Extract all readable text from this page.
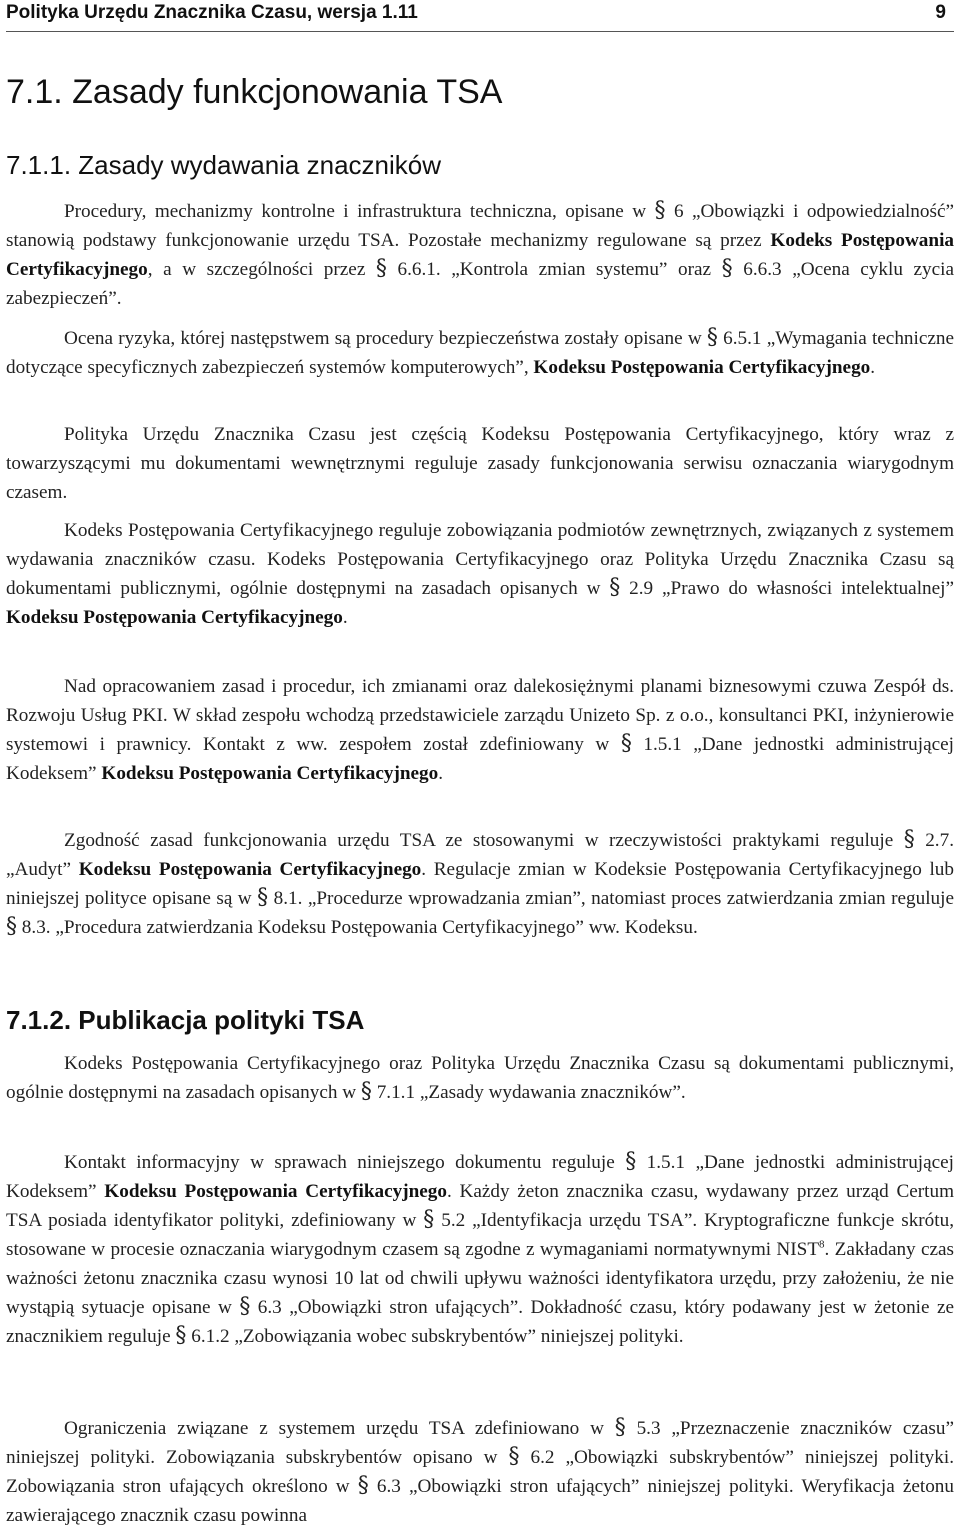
Polityka Urzędu Znacznika Czasu, wersja 1.11	9
7.1. Zasady funkcjonowania TSA
7.1.1. Zasady wydawania znaczników
Procedury, mechanizmy kontrolne i infrastruktura techniczna, opisane w § 6 „Obowiązki i odpowiedzialność” stanowią podstawy funkcjonowanie urzędu TSA. Pozostałe mechanizmy regulowane są przez Kodeks Postępowania Certyfikacyjnego, a w szczególności przez § 6.6.1. „Kontrola zmian systemu” oraz § 6.6.3 „Ocena cyklu zycia zabezpieczeń”.
Ocena ryzyka, której następstwem są procedury bezpieczeństwa zostały opisane w § 6.5.1 „Wymagania techniczne dotyczące specyficznych zabezpieczeń systemów komputerowych”, Kodeksu Postępowania Certyfikacyjnego.
Polityka Urzędu Znacznika Czasu jest częścią Kodeksu Postępowania Certyfikacyjnego, który wraz z towarzyszącymi mu dokumentami wewnętrznymi reguluje zasady funkcjonowania serwisu oznaczania wiarygodnym czasem.
Kodeks Postępowania Certyfikacyjnego reguluje zobowiązania podmiotów zewnętrznych, związanych z systemem wydawania znaczników czasu. Kodeks Postępowania Certyfikacyjnego oraz Polityka Urzędu Znacznika Czasu są dokumentami publicznymi, ogólnie dostępnymi na zasadach opisanych w § 2.9 „Prawo do własności intelektualnej” Kodeksu Postępowania Certyfikacyjnego.
Nad opracowaniem zasad i procedur, ich zmianami oraz dalekosiężnymi planami biznesowymi czuwa Zespół ds. Rozwoju Usług PKI. W skład zespołu wchodzą przedstawiciele zarządu Unizeto Sp. z o.o., konsultanci PKI, inżynierowie systemowi i prawnicy. Kontakt z ww. zespołem został zdefiniowany w § 1.5.1 „Dane jednostki administrującej Kodeksem” Kodeksu Postępowania Certyfikacyjnego.
Zgodność zasad funkcjonowania urzędu TSA ze stosowanymi w rzeczywistości praktykami reguluje § 2.7. „Audyt” Kodeksu Postępowania Certyfikacyjnego. Regulacje zmian w Kodeksie Postępowania Certyfikacyjnego lub niniejszej polityce opisane są w § 8.1. „Procedurze wprowadzania zmian”, natomiast proces zatwierdzania zmian reguluje § 8.3. „Procedura zatwierdzania Kodeksu Postępowania Certyfikacyjnego” ww. Kodeksu.
7.1.2. Publikacja polityki TSA
Kodeks Postępowania Certyfikacyjnego oraz Polityka Urzędu Znacznika Czasu są dokumentami publicznymi, ogólnie dostępnymi na zasadach opisanych w § 7.1.1 „Zasady wydawania znaczników”.
Kontakt informacyjny w sprawach niniejszego dokumentu reguluje § 1.5.1 „Dane jednostki administrującej Kodeksem” Kodeksu Postępowania Certyfikacyjnego. Każdy żeton znacznika czasu, wydawany przez urząd Certum TSA posiada identyfikator polityki, zdefiniowany w § 5.2 „Identyfikacja urzędu TSA”. Kryptograficzne funkcje skrótu, stosowane w procesie oznaczania wiarygodnym czasem są zgodne z wymaganiami normatywnymi NIST$^8$. Zakładany czas ważności żetonu znacznika czasu wynosi 10 lat od chwili upływu ważności identyfikatora urzędu, przy założeniu, że nie wystąpią sytuacje opisane w § 6.3 „Obowiązki stron ufających”. Dokładność czasu, który podawany jest w żetonie ze znacznikiem reguluje § 6.1.2 „Zobowiązania wobec subskrybentów” niniejszej polityki.
Ograniczenia związane z systemem urzędu TSA zdefiniowano w § 5.3 „Przeznaczenie znaczników czasu” niniejszej polityki. Zobowiązania subskrybentów opisano w § 6.2 „Obowiązki subskrybentów” niniejszej polityki. Zobowiązania stron ufających określono w § 6.3 „Obowiązki stron ufających” niniejszej polityki. Weryfikacja żetonu zawierającego znacznik czasu powinna
